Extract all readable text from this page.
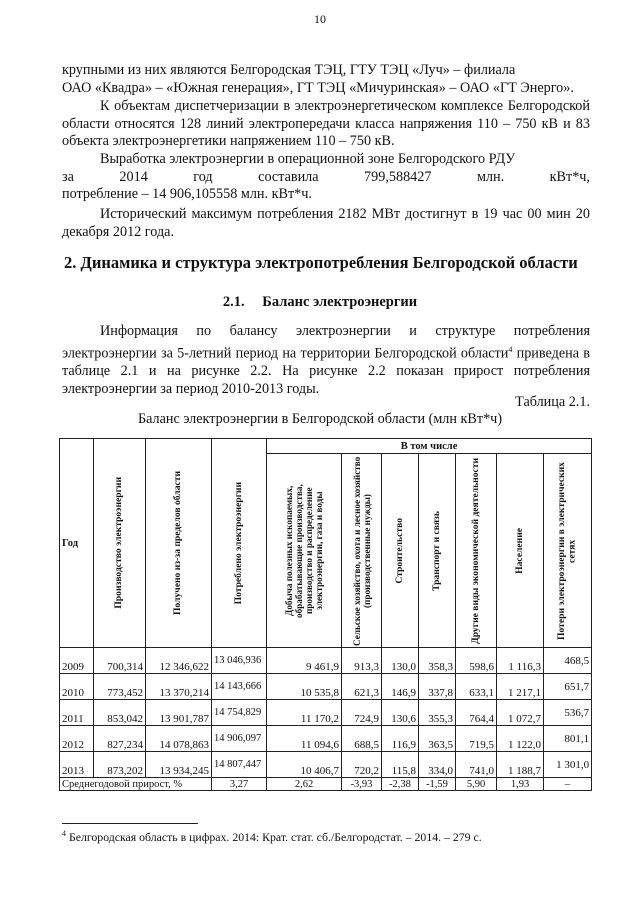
10

крупными из них являются Белгородская ТЭЦ, ГТУ ТЭЦ «Луч» – филиала
ОАО «Квадра» – «Южная генерация», ГТ ТЭЦ «Мичуринская» – ОАО «ГТ Энерго».

К объектам диспетчеризации в электроэнергетическом комплексе Белгородской области относятся 128 линий электропередачи класса напряжения 110 – 750 кВ и 83 объекта электроэнергетики напряжением 110 – 750 кВ.

Выработка электроэнергии в операционной зоне Белгородского РДУ
за	2014	год	составила	799,588427	млн.	кВт*ч,
потребление – 14 906,105558 млн. кВт*ч.

Исторический максимум потребления 2182 МВт достигнут в 19 час 00 мин 20 декабря 2012 года.

2. Динамика и структура электропотребления Белгородской области
2.1. Баланс электроэнергии

Информация по балансу электроэнергии и структуре потребления электроэнергии за 5-летний период на территории Белгородской области$^4$ приведена в таблице 2.1 и на рисунке 2.2. На рисунке 2.2 показан прирост потребления электроэнергии за период 2010-2013 годы.

Таблица 2.1.
Баланс электроэнергии в Белгородской области (млн кВт*ч)
Год	Производство электроэнергии	Получено из-за пределов области	Потреблено электроэнергии	В том числе						

				Добыча полезных ископаемых, обрабатывающие производства, производство и распределение электроэнергии, газа и воды	Сельское хозяйство, охота и лесное хозяйство (производственные нужды)	Строительство	Транспорт и связь	Другие виды экономической деятельности	Население	Потери электроэнергии в электрических сетях

2009	700,314	12 346,622	13 046,936	9 461,9	913,3	130,0	358,3	598,6	1 116,3	468,5
2010	773,452	13 370,214	14 143,666	10 535,8	621,3	146,9	337,8	633,1	1 217,1	651,7
2011	853,042	13 901,787	14 754,829	11 170,2	724,9	130,6	355,3	764,4	1 072,7	536,7
2012	827,234	14 078,863	14 906,097	11 094,6	688,5	116,9	363,5	719,5	1 122,0	801,1
2013	873,202	13 934,245	14 807,447	10 406,7	720,2	115,8	334,0	741,0	1 188,7	1 301,0
Среднегодовой прирост, %			3,27	2,62	-3,93	-2,38	-1,59	5,90	1,93	–
$^4$ Белгородская область в цифрах. 2014: Крат. стат. сб./Белгородстат. – 2014. – 279 с.
